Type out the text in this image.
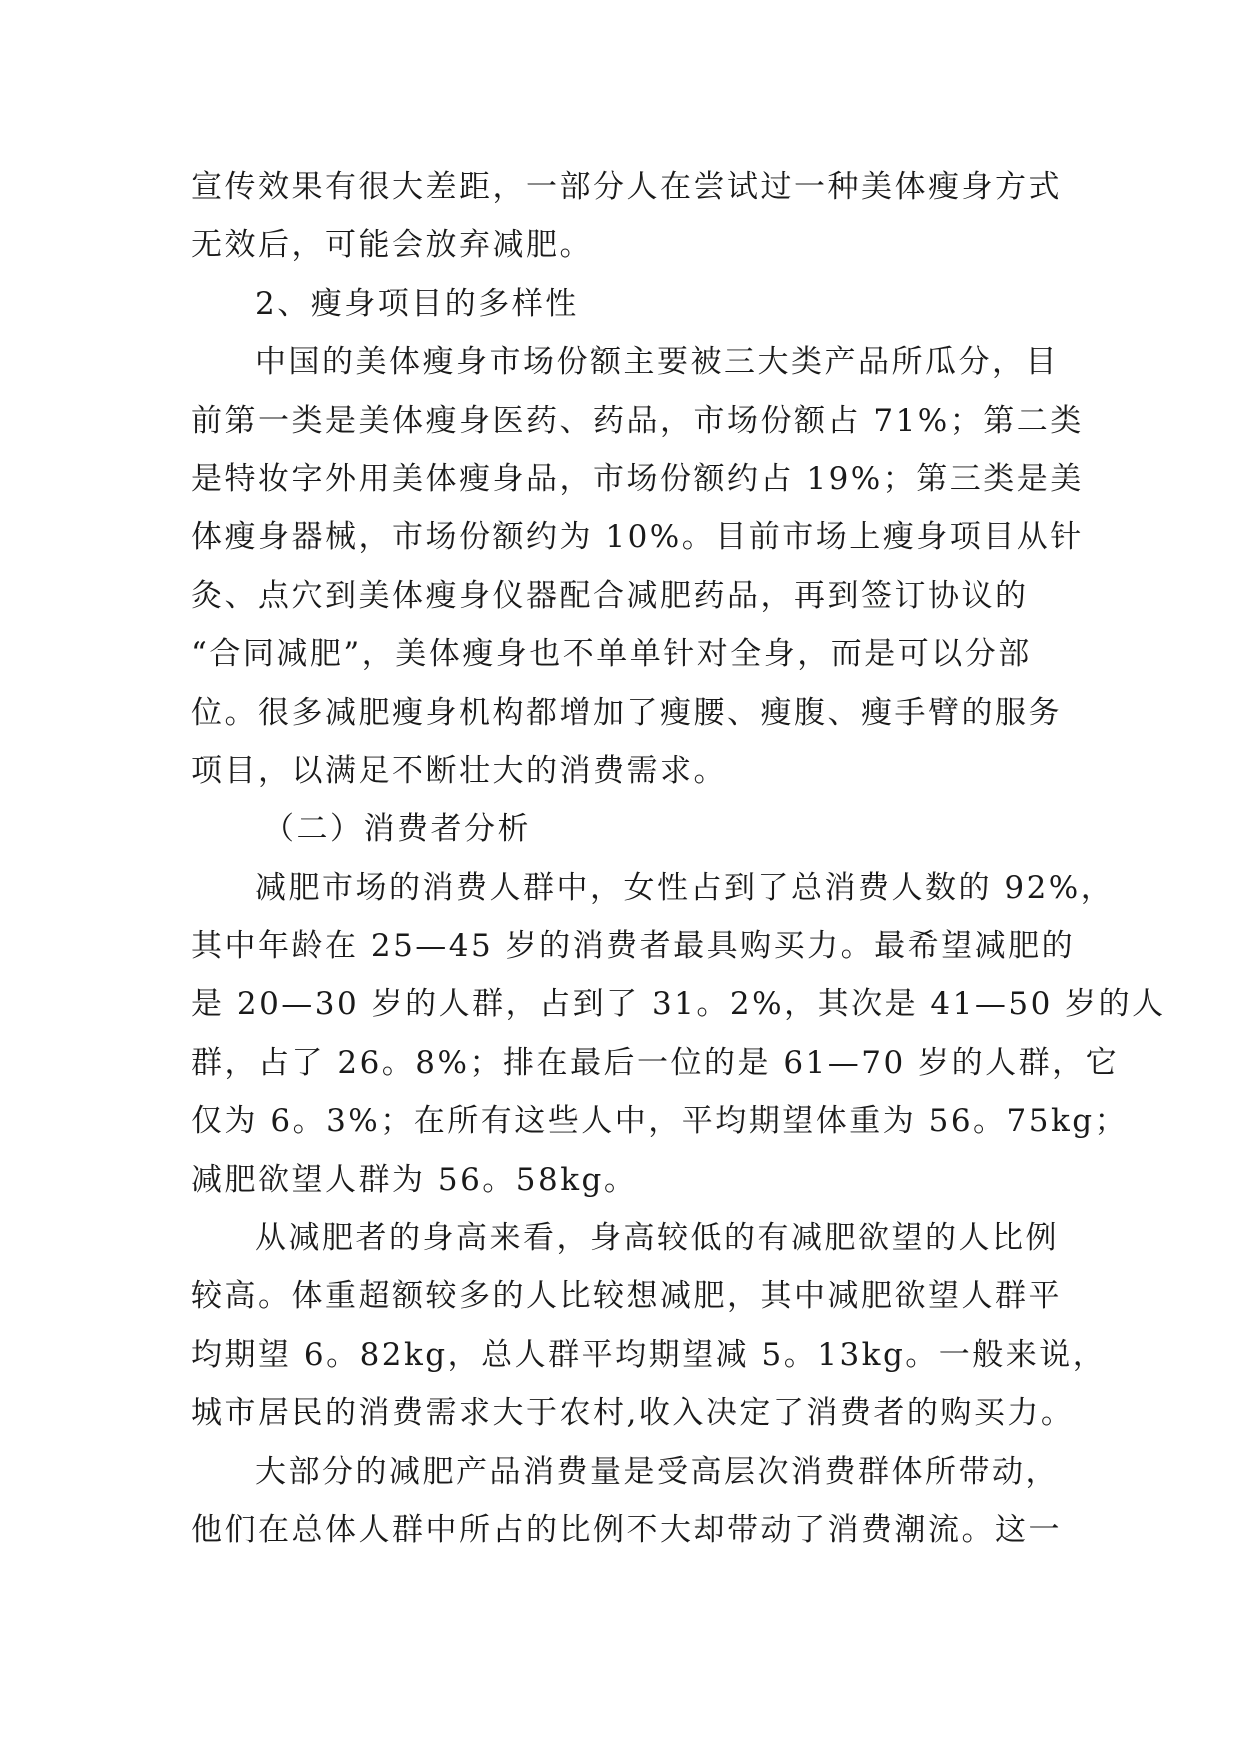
宣传效果有很大差距，一部分人在尝试过一种美体瘦身方式
无效后，可能会放弃减肥。
2、瘦身项目的多样性
中国的美体瘦身市场份额主要被三大类产品所瓜分，目
前第一类是美体瘦身医药、药品，市场份额占 71%；第二类
是特妆字外用美体瘦身品，市场份额约占 19%；第三类是美
体瘦身器械，市场份额约为 10%。目前市场上瘦身项目从针
灸、点穴到美体瘦身仪器配合减肥药品，再到签订协议的
“合同减肥”，美体瘦身也不单单针对全身，而是可以分部
位。很多减肥瘦身机构都增加了瘦腰、瘦腹、瘦手臂的服务
项目，以满足不断壮大的消费需求。
（二）消费者分析
减肥市场的消费人群中，女性占到了总消费人数的 92%，
其中年龄在 25—45 岁的消费者最具购买力。最希望减肥的
是 20—30 岁的人群，占到了 31。2%，其次是 41—50 岁的人
群，占了 26。8%；排在最后一位的是 61—70 岁的人群，它
仅为 6。3%；在所有这些人中，平均期望体重为 56。75kg；
减肥欲望人群为 56。58kg。
从减肥者的身高来看，身高较低的有减肥欲望的人比例
较高。体重超额较多的人比较想减肥，其中减肥欲望人群平
均期望 6。82kg，总人群平均期望减 5。13kg。一般来说，
城市居民的消费需求大于农村,收入决定了消费者的购买力。
大部分的减肥产品消费量是受高层次消费群体所带动，
他们在总体人群中所占的比例不大却带动了消费潮流。这一
